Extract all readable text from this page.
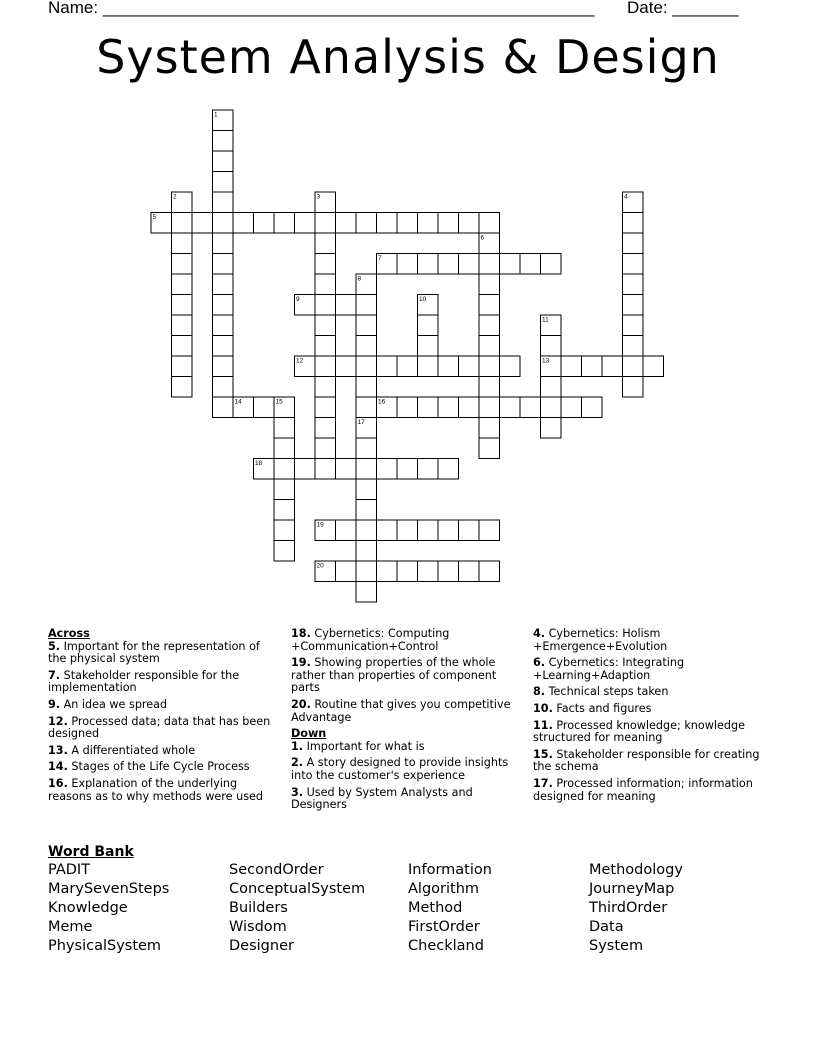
Name: ____________________________________________________ Date: _______
System Analysis & Design
1
2	3	4
5
6
7
8
9	10
11
12	13
14	15	16
17
18
19
20
Across
5. Important for the representation of the physical system
7. Stakeholder responsible for the implementation
9. An idea we spread
12. Processed data; data that has been designed
13. A differentiated whole
14. Stages of the Life Cycle Process
16. Explanation of the underlying reasons as to why methods were used
18. Cybernetics: Computing +Communication+Control
19. Showing properties of the whole rather than properties of component parts
20. Routine that gives you competitive Advantage
Down
1. Important for what is
2. A story designed to provide insights into the customer's experience
3. Used by System Analysts and Designers
4. Cybernetics: Holism +Emergence+Evolution
6. Cybernetics: Integrating +Learning+Adaption
8. Technical steps taken
10. Facts and figures
11. Processed knowledge; knowledge structured for meaning
15. Stakeholder responsible for creating the schema
17. Processed information; information designed for meaning
Word Bank
PADIT
MarySevenSteps
Knowledge
Meme
PhysicalSystem
SecondOrder
ConceptualSystem
Builders
Wisdom
Designer
Information
Algorithm
Method
FirstOrder
Checkland
Methodology
JourneyMap
ThirdOrder
Data
System
